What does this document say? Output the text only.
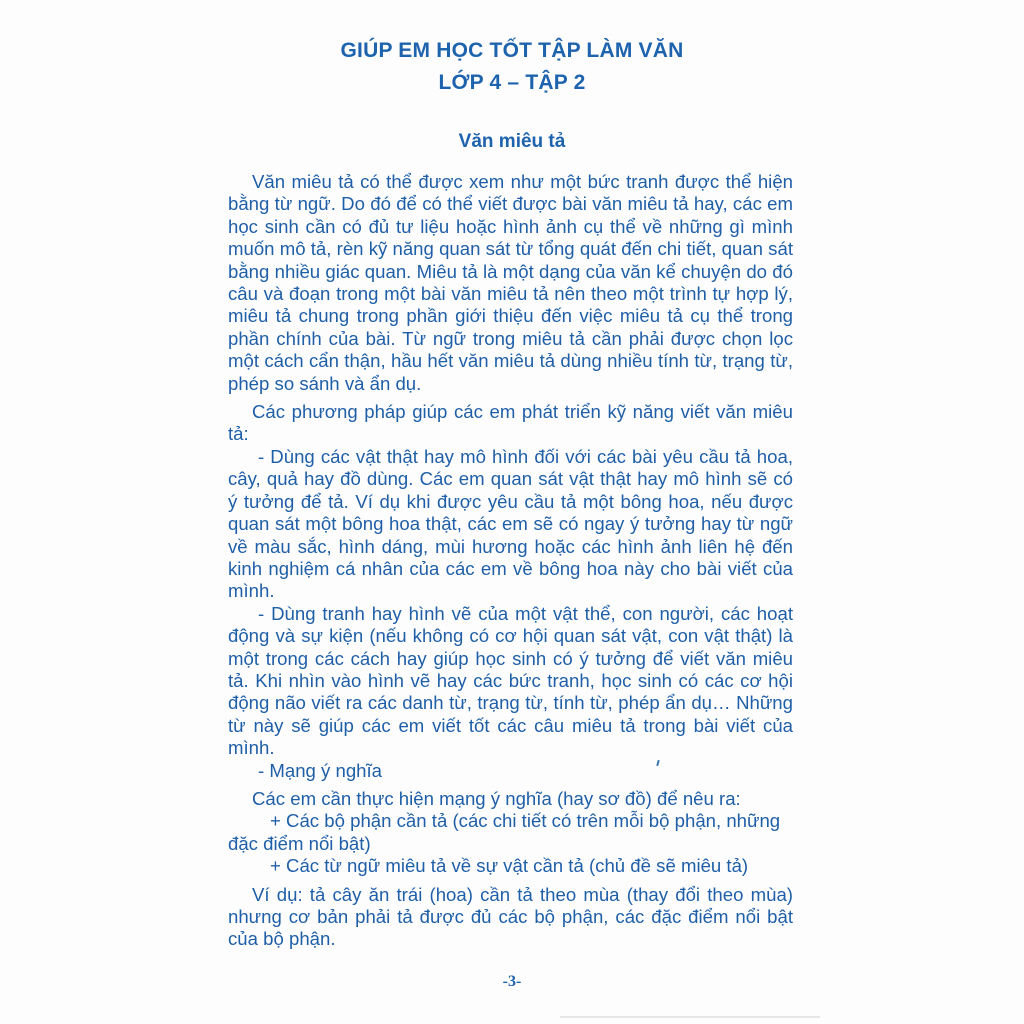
GIÚP EM HỌC TỐT TẬP LÀM VĂN
LỚP 4 – TẬP 2
Văn miêu tả

Văn miêu tả có thể được xem như một bức tranh được thể hiện bằng từ ngữ. Do đó để có thể viết được bài văn miêu tả hay, các em học sinh cần có đủ tư liệu hoặc hình ảnh cụ thể về những gì mình muốn mô tả, rèn kỹ năng quan sát từ tổng quát đến chi tiết, quan sát bằng nhiều giác quan. Miêu tả là một dạng của văn kể chuyện do đó câu và đoạn trong một bài văn miêu tả nên theo một trình tự hợp lý, miêu tả chung trong phần giới thiệu đến việc miêu tả cụ thể trong phần chính của bài. Từ ngữ trong miêu tả cần phải được chọn lọc một cách cẩn thận, hầu hết văn miêu tả dùng nhiều tính từ, trạng từ, phép so sánh và ẩn dụ.

Các phương pháp giúp các em phát triển kỹ năng viết văn miêu tả:

- Dùng các vật thật hay mô hình đối với các bài yêu cầu tả hoa, cây, quả hay đồ dùng. Các em quan sát vật thật hay mô hình sẽ có ý tưởng để tả. Ví dụ khi được yêu cầu tả một bông hoa, nếu được quan sát một bông hoa thật, các em sẽ có ngay ý tưởng hay từ ngữ về màu sắc, hình dáng, mùi hương hoặc các hình ảnh liên hệ đến kinh nghiệm cá nhân của các em về bông hoa này cho bài viết của mình.

- Dùng tranh hay hình vẽ của một vật thể, con người, các hoạt động và sự kiện (nếu không có cơ hội quan sát vật, con vật thật) là một trong các cách hay giúp học sinh có ý tưởng để viết văn miêu tả. Khi nhìn vào hình vẽ hay các bức tranh, học sinh có các cơ hội động não viết ra các danh từ, trạng từ, tính từ, phép ẩn dụ… Những từ này sẽ giúp các em viết tốt các câu miêu tả trong bài viết của mình.

- Mạng ý nghĩa

Các em cần thực hiện mạng ý nghĩa (hay sơ đồ) để nêu ra:

+ Các bộ phận cần tả (các chi tiết có trên mỗi bộ phận, những đặc điểm nổi bật)

+ Các từ ngữ miêu tả về sự vật cần tả (chủ đề sẽ miêu tả)

Ví dụ: tả cây ăn trái (hoa) cần tả theo mùa (thay đổi theo mùa) nhưng cơ bản phải tả được đủ các bộ phận, các đặc điểm nổi bật của bộ phận.

-3-
